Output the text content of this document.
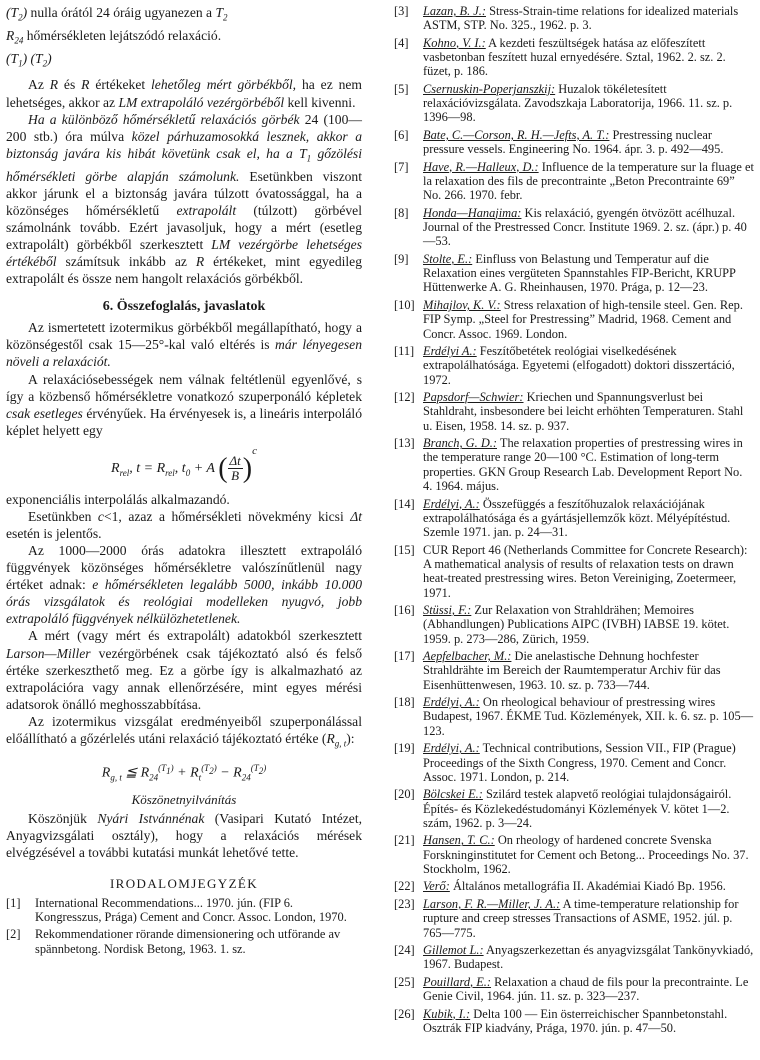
$(T_2)$ nulla órától 24 óráig ugyanezen a $T_2$
$R_{24}$ hőmérsékleten lejátszódó relaxáció.
$(T_1)$ $(T_2)$

Az R és R értékeket lehetőleg mért görbékből, ha ez nem lehetséges, akkor az LM extrapoláló vezérgörbéből kell kivenni.

Ha a különböző hőmérsékletű relaxációs görbék 24 (100—200 stb.) óra múlva közel párhuzamosokká lesznek, akkor a biztonság javára kis hibát követünk csak el, ha a $T_1$ gőzölési hőmérsékleti görbe alapján számolunk. Esetünkben viszont akkor járunk el a biztonság javára túlzott óvatossággal, ha a közönséges hőmérsékletű extrapolált (túlzott) görbével számolnánk tovább. Ezért javasoljuk, hogy a mért (esetleg extrapolált) görbékből szerkesztett LM vezérgörbe lehetséges értékéből számítsuk inkább az R értékeket, mint egyedileg extrapolált és össze nem hangolt relaxációs görbékből.

6. Összefoglalás, javaslatok

Az ismertetett izotermikus görbékből megállapítható, hogy a közönségestől csak 15—25°-kal való eltérés is már lényegesen növeli a relaxációt.

A relaxációsebességek nem válnak feltétlenül egyenlővé, s így a közbenső hőmérsékletre vonatkozó szuperponáló képletek csak esetleges érvényűek. Ha érvényesek is, a lineáris interpoláló képlet helyett egy

$R_{rel}$, $t = R_{rel}$, $t_0 + A$ ( $\frac{\Delta t}{B} )^c$

exponenciális interpolálás alkalmazandó.

Esetünkben c<1, azaz a hőmérsékleti növekmény kicsi Δt esetén is jelentős.

Az 1000—2000 órás adatokra illesztett extrapoláló függvények közönséges hőmérsékletre valószínűtlenül nagy értéket adnak: e hőmérsékleten legalább 5000, inkább 10.000 órás vizsgálatok és reológiai modelleken nyugvó, jobb extrapoláló függvények nélkülözhetetlenek.

A mért (vagy mért és extrapolált) adatokból szerkesztett Larson—Miller vezérgörbének csak tájékoztató alsó és felső értéke szerkeszthető meg. Ez a görbe így is alkalmazható az extrapolációra vagy annak ellenőrzésére, mint egyes mérési adatsorok önálló meghosszabbítása.

Az izotermikus vizsgálat eredményeiből szuperponálással előállítható a gőzérlelés utáni relaxáció tájékoztató értéke $(R_{g, t})$:

$R_{g, t}$ ≦ $R_{24}^{(T_1)} + R_t^{(T_2)} - R_{24}^{(T_2)}$
Köszönetnyilvánítás

Köszönjük Nyári Istvánnénak (Vasipari Kutató Intézet, Anyagvizsgálati osztály), hogy a relaxációs mérések elvégzésével a további kutatási munkát lehetővé tette.

IRODALOMJEGYZÉK
[1]	International Recommendations... 1970. jún. (FIP 6. Kongresszus, Prága) Cement and Concr. Assoc. London, 1970.
[2]	Rekommendationer rörande dimensionering och utförande av spännbetong. Nordisk Betong, 1963. 1. sz.
[3]	Lazan, B. J.: Stress-Strain-time relations for idealized materials ASTM, STP. No. 325., 1962. p. 3.
[4]	Kohno, V. I.: A kezdeti feszültségek hatása az előfeszített vasbetonban feszített huzal ernyedésére. Sztal, 1962. 2. sz. 2. füzet, p. 186.
[5]	Csernuskin-Poperjanszkij: Huzalok tökéletesített relaxációvizsgálata. Zavodszkaja Laboratorija, 1966. 11. sz. p. 1396—98.
[6]	Bate, C.—Corson, R. H.—Jefts, A. T.: Prestressing nuclear pressure vessels. Engineering No. 1964. ápr. 3. p. 492—495.
[7]	Have, R.—Halleux, D.: Influence de la temperature sur la fluage et la relaxation des fils de precontrainte „Beton Precontrainte 69” No. 266. 1970. febr.
[8]	Honda—Hanajima: Kis relaxáció, gyengén ötvözött acélhuzal. Journal of the Prestressed Concr. Institute 1969. 2. sz. (ápr.) p. 40—53.
[9]	Stolte, E.: Einfluss von Belastung und Temperatur auf die Relaxation eines vergüteten Spannstahles FIP-Bericht, KRUPP Hüttenwerke A. G. Rheinhausen, 1970. Prága, p. 12—23.
[10] Mihajlov, K. V.: Stress relaxation of high-tensile steel. Gen. Rep. FIP Symp. „Steel for Prestressing” Madrid, 1968. Cement and Concr. Assoc. 1969. London.
[11] Erdélyi A.: Feszítőbetétek reológiai viselkedésének extrapolálhatósága. Egyetemi (elfogadott) doktori disszertáció, 1972.
[12] Papsdorf—Schwier: Kriechen und Spannungsverlust bei Stahldraht, insbesondere bei leicht erhöhten Temperaturen. Stahl u. Eisen, 1958. 14. sz. p. 937.
[13] Branch, G. D.: The relaxation properties of prestressing wires in the temperature range 20—100 °C. Estimation of long-term properties. GKN Group Research Lab. Development Report No. 4. 1964. május.
[14] Erdélyi, A.: Összefüggés a feszítőhuzalok relaxációjának extrapolálhatósága és a gyártásjellemzők közt. Mélyépítéstud. Szemle 1971. jan. p. 24—31.
[15] CUR Report 46 (Netherlands Committee for Concrete Research): A mathematical analysis of results of relaxation tests on drawn heat-treated prestressing wires. Beton Vereiniging, Zoetermeer, 1971.
[16] Stüssi, F.: Zur Relaxation von Strahldrähen; Memoires (Abhandlungen) Publications AIPC (IVBH) IABSE 19. kötet. 1959. p. 273—286, Zürich, 1959.
[17] Aepfelbacher, M.: Die anelastische Dehnung hochfester Strahldrähte im Bereich der Raumtemperatur Archiv für das Eisenhüttenwesen, 1963. 10. sz. p. 733—744.
[18] Erdélyi, A.: On rheological behaviour of prestressing wires Budapest, 1967. ÉKME Tud. Közlemények, XII. k. 6. sz. p. 105—123.
[19] Erdélyi, A.: Technical contributions, Session VII., FIP (Prague) Proceedings of the Sixth Congress, 1970. Cement and Concr. Assoc. 1971. London, p. 214.
[20] Bölcskei E.: Szilárd testek alapvető reológiai tulajdonságairól. Építés- és Közlekedéstudományi Közlemények V. kötet 1—2. szám, 1962. p. 3—24.
[21] Hansen, T. C.: On rheology of hardened concrete Svenska Forskninginstitutet for Cement och Betong... Proceedings No. 37. Stockholm, 1962.
[22] Verő: Általános metallográfia II. Akadémiai Kiadó Bp. 1956.
[23] Larson, F. R.—Miller, J. A.: A time-temperature relationship for rupture and creep stresses Transactions of ASME, 1952. júl. p. 765—775.
[24] Gillemot L.: Anyagszerkezettan és anyagvizsgálat Tankönyvkiadó, 1967. Budapest.
[25] Pouillard, E.: Relaxation a chaud de fils pour la precontrainte. Le Genie Civil, 1964. jún. 11. sz. p. 323—237.
[26] Kubik, I.: Delta 100 — Ein österreichischer Spannbetonstahl. Osztrák FIP kiadvány, Prága, 1970. jún. p. 47—50.
